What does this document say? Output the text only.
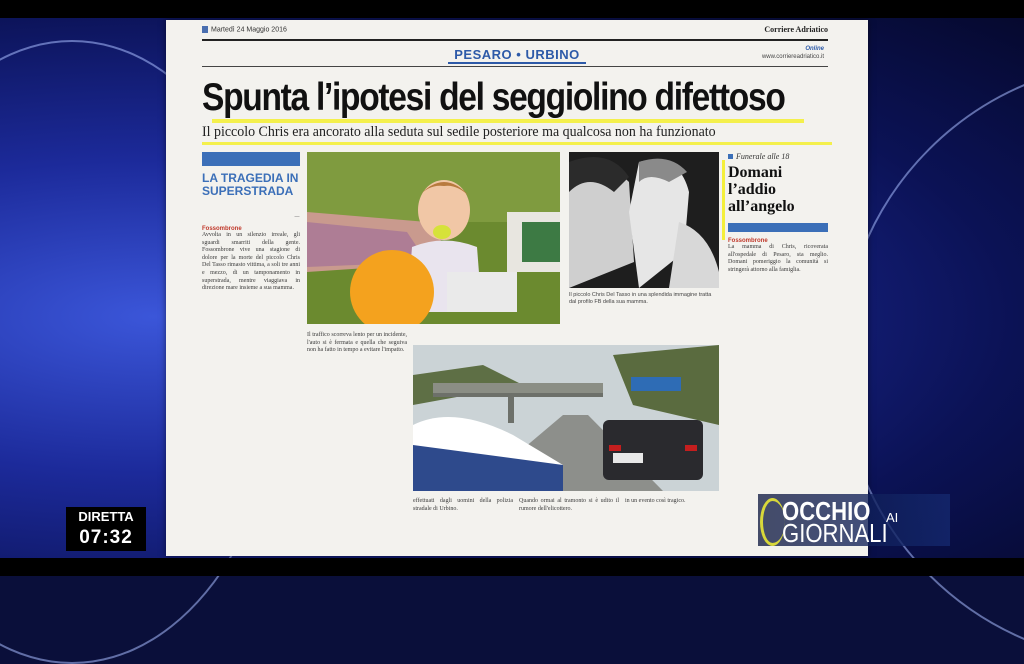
Martedì 24 Maggio 2016	Corriere Adriatico
PESARO • URBINO	Online
www.corriereadriatico.it
Spunta l’ipotesi del seggiolino difettoso
Il piccolo Chris era ancorato alla seduta sul sedile posteriore ma qualcosa non ha funzionato
LA TRAGEDIA IN SUPERSTRADA
—
Fossombrone
Avvolta in un silenzio irreale, gli sguardi smarriti della gente. Fossombrone vive una stagione di dolore per la morte del piccolo Chris Del Tasso rimasto vittima, a soli tre anni e mezzo, di un tamponamento in superstrada, mentre viaggiava in direzione mare insieme a sua mamma.
Il piccolo Chris Del Tasso in una splendida immagine tratta dal profilo FB della sua mamma.
Il traffico scorreva lento per un incidente, l'auto si è fermata e quella che seguiva non ha fatto in tempo a evitare l'impatto.
effettuati dagli uomini della polizia stradale di Urbino.
Quando ormai al tramonto si è udito il rumore dell'elicottero.
in un evento così tragico.
Funerale alle 18
Domani l’addio all’angelo
Fossombrone
La mamma di Chris, ricoverata all'ospedale di Pesaro, sta meglio. Domani pomeriggio la comunità si stringerà attorno alla famiglia.
DIRETTA
07:32
OCCHIO AI
GIORNALI
